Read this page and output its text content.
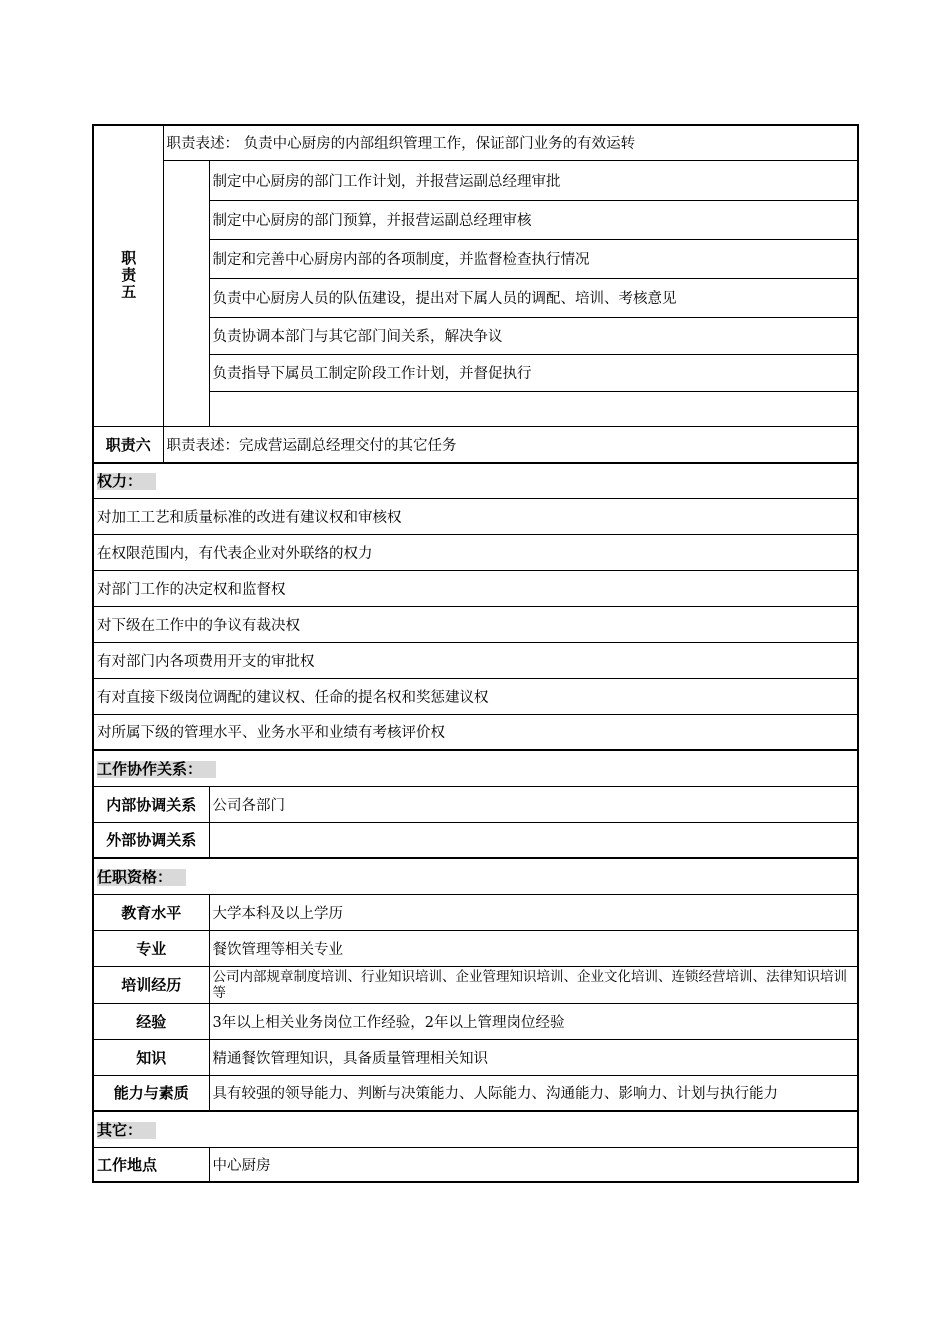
职责五	职责表述： 负责中心厨房的内部组织管理工作，保证部门业务的有效运转	
		制定中心厨房的部门工作计划，并报营运副总经理审批
		制定中心厨房的部门预算，并报营运副总经理审核
		制定和完善中心厨房内部的各项制度，并监督检查执行情况
		负责中心厨房人员的队伍建设，提出对下属人员的调配、培训、考核意见
		负责协调本部门与其它部门间关系，解决争议
		负责指导下属员工制定阶段工作计划，并督促执行

职责六	职责表述：完成营运副总经理交付的其它任务	
权力：
对加工工艺和质量标准的改进有建议权和审核权
在权限范围内，有代表企业对外联络的权力
对部门工作的决定权和监督权
对下级在工作中的争议有裁决权
有对部门内各项费用开支的审批权
有对直接下级岗位调配的建议权、任命的提名权和奖惩建议权
对所属下级的管理水平、业务水平和业绩有考核评价权
工作协作关系：	
内部协调关系	公司各部门
外部协调关系	
任职资格：	
教育水平	大学本科及以上学历
专业	餐饮管理等相关专业
培训经历	公司内部规章制度培训、行业知识培训、企业管理知识培训、企业文化培训、连锁经营培训、法律知识培训等
经验	3年以上相关业务岗位工作经验，2年以上管理岗位经验
知识	精通餐饮管理知识，具备质量管理相关知识
能力与素质	具有较强的领导能力、判断与决策能力、人际能力、沟通能力、影响力、计划与执行能力
其它：
工作地点	中心厨房
